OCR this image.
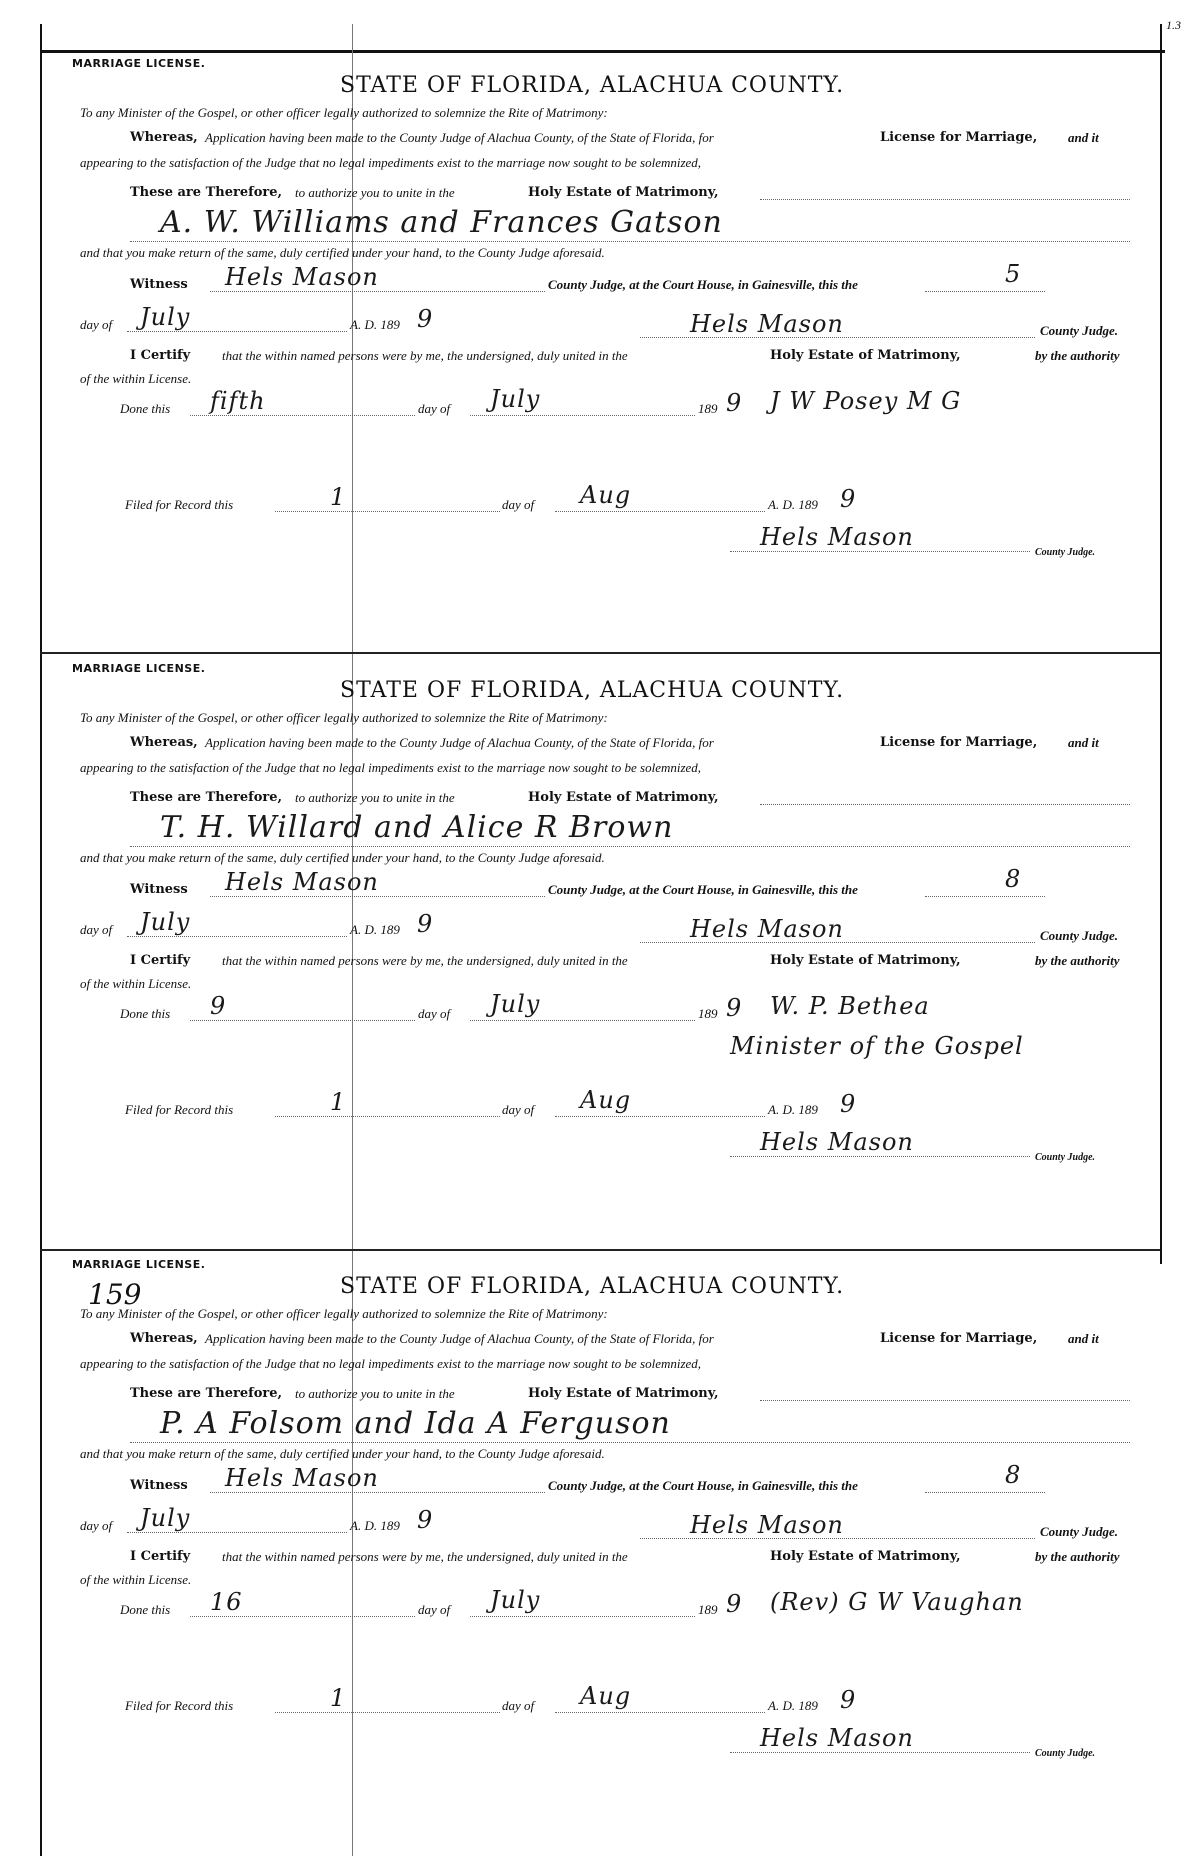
1.3
MARRIAGE LICENSE.
STATE OF FLORIDA, ALACHUA COUNTY.
To any Minister of the Gospel, or other officer legally authorized to solemnize the Rite of Matrimony:
Whereas, Application having been made to the County Judge of Alachua County, of the State of Florida, for	License for Marriage, and it
appearing to the satisfaction of the Judge that no legal impediments exist to the marriage now sought to be solemnized,
These are Therefore, to authorize you to unite in the	Holy Estate of Matrimony,
A. W. Williams and Frances Gatson
and that you make return of the same, duly certified under your hand, to the County Judge aforesaid.
Witness Hels Mason	County Judge, at the Court House, in Gainesville, this the	5
day of July	A. D. 189 9	Hels Mason	County Judge.
I Certify that the within named persons were by me, the undersigned, duly united in the	Holy Estate of Matrimony,	by the authority
of the within License.
Done this fifth	day of July	189 9 J W Posey M G
Filed for Record this	1	day of Aug	A. D. 189 9
Hels Mason
County Judge.
MARRIAGE LICENSE.
STATE OF FLORIDA, ALACHUA COUNTY.
To any Minister of the Gospel, or other officer legally authorized to solemnize the Rite of Matrimony:
Whereas, Application having been made to the County Judge of Alachua County, of the State of Florida, for	License for Marriage, and it
appearing to the satisfaction of the Judge that no legal impediments exist to the marriage now sought to be solemnized,
These are Therefore, to authorize you to unite in the	Holy Estate of Matrimony,
T. H. Willard and Alice R Brown
and that you make return of the same, duly certified under your hand, to the County Judge aforesaid.
Witness Hels Mason	County Judge, at the Court House, in Gainesville, this the	8
day of July	A. D. 189 9	Hels Mason	County Judge.
I Certify that the within named persons were by me, the undersigned, duly united in the	Holy Estate of Matrimony,	by the authority
of the within License.
Done this 9	day of July	189 9 W. P. Bethea
Minister of the Gospel
Filed for Record this	1	day of Aug	A. D. 189 9
Hels Mason
County Judge.
MARRIAGE LICENSE.
159	STATE OF FLORIDA, ALACHUA COUNTY.
To any Minister of the Gospel, or other officer legally authorized to solemnize the Rite of Matrimony:
Whereas, Application having been made to the County Judge of Alachua County, of the State of Florida, for	License for Marriage, and it
appearing to the satisfaction of the Judge that no legal impediments exist to the marriage now sought to be solemnized,
These are Therefore, to authorize you to unite in the	Holy Estate of Matrimony,
P. A Folsom and Ida A Ferguson
and that you make return of the same, duly certified under your hand, to the County Judge aforesaid.
Witness Hels Mason	County Judge, at the Court House, in Gainesville, this the	8
day of July	A. D. 189 9	Hels Mason	County Judge.
I Certify that the within named persons were by me, the undersigned, duly united in the	Holy Estate of Matrimony,	by the authority
of the within License.
Done this 16	day of July	189 9 (Rev) G W Vaughan
Filed for Record this	1	day of Aug	A. D. 189 9
Hels Mason
County Judge.
